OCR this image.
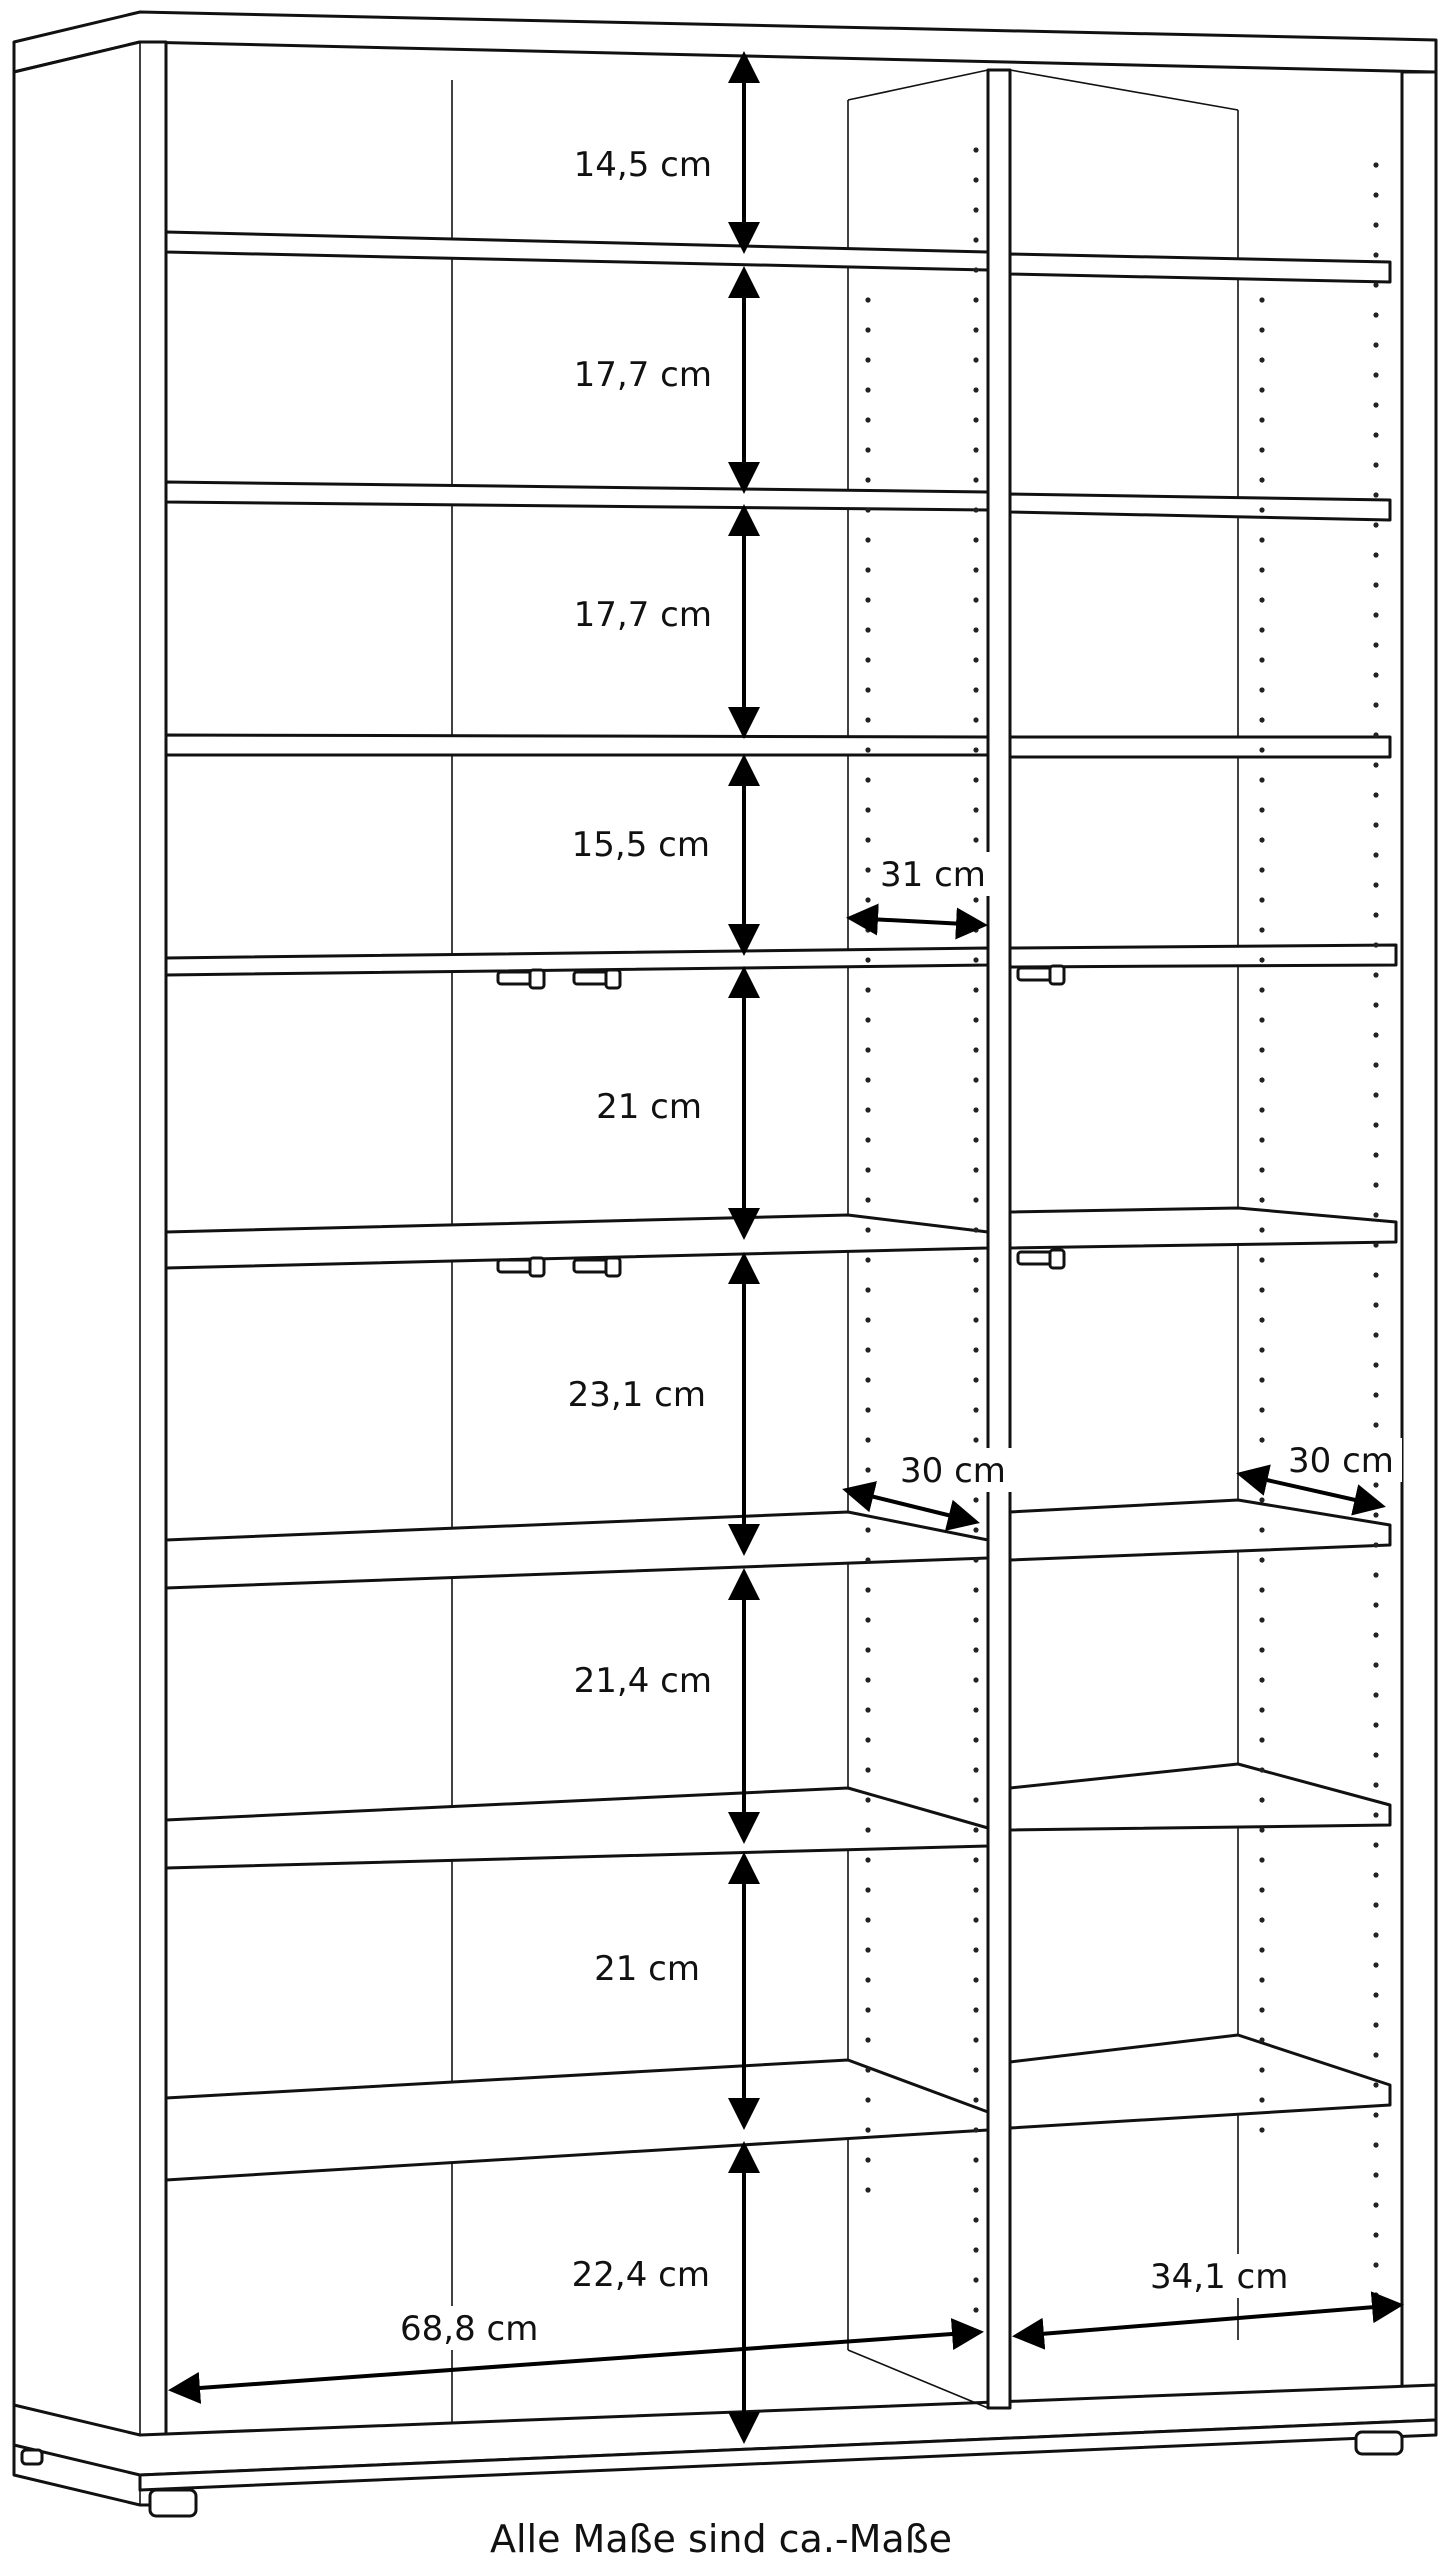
14,5 cm
17,7 cm
17,7 cm
15,5 cm
21 cm
23,1 cm
21,4 cm
21 cm
22,4 cm
31 cm
30 cm	30 cm
68,8 cm
34,1 cm
Alle Maße sind ca.-Maße
